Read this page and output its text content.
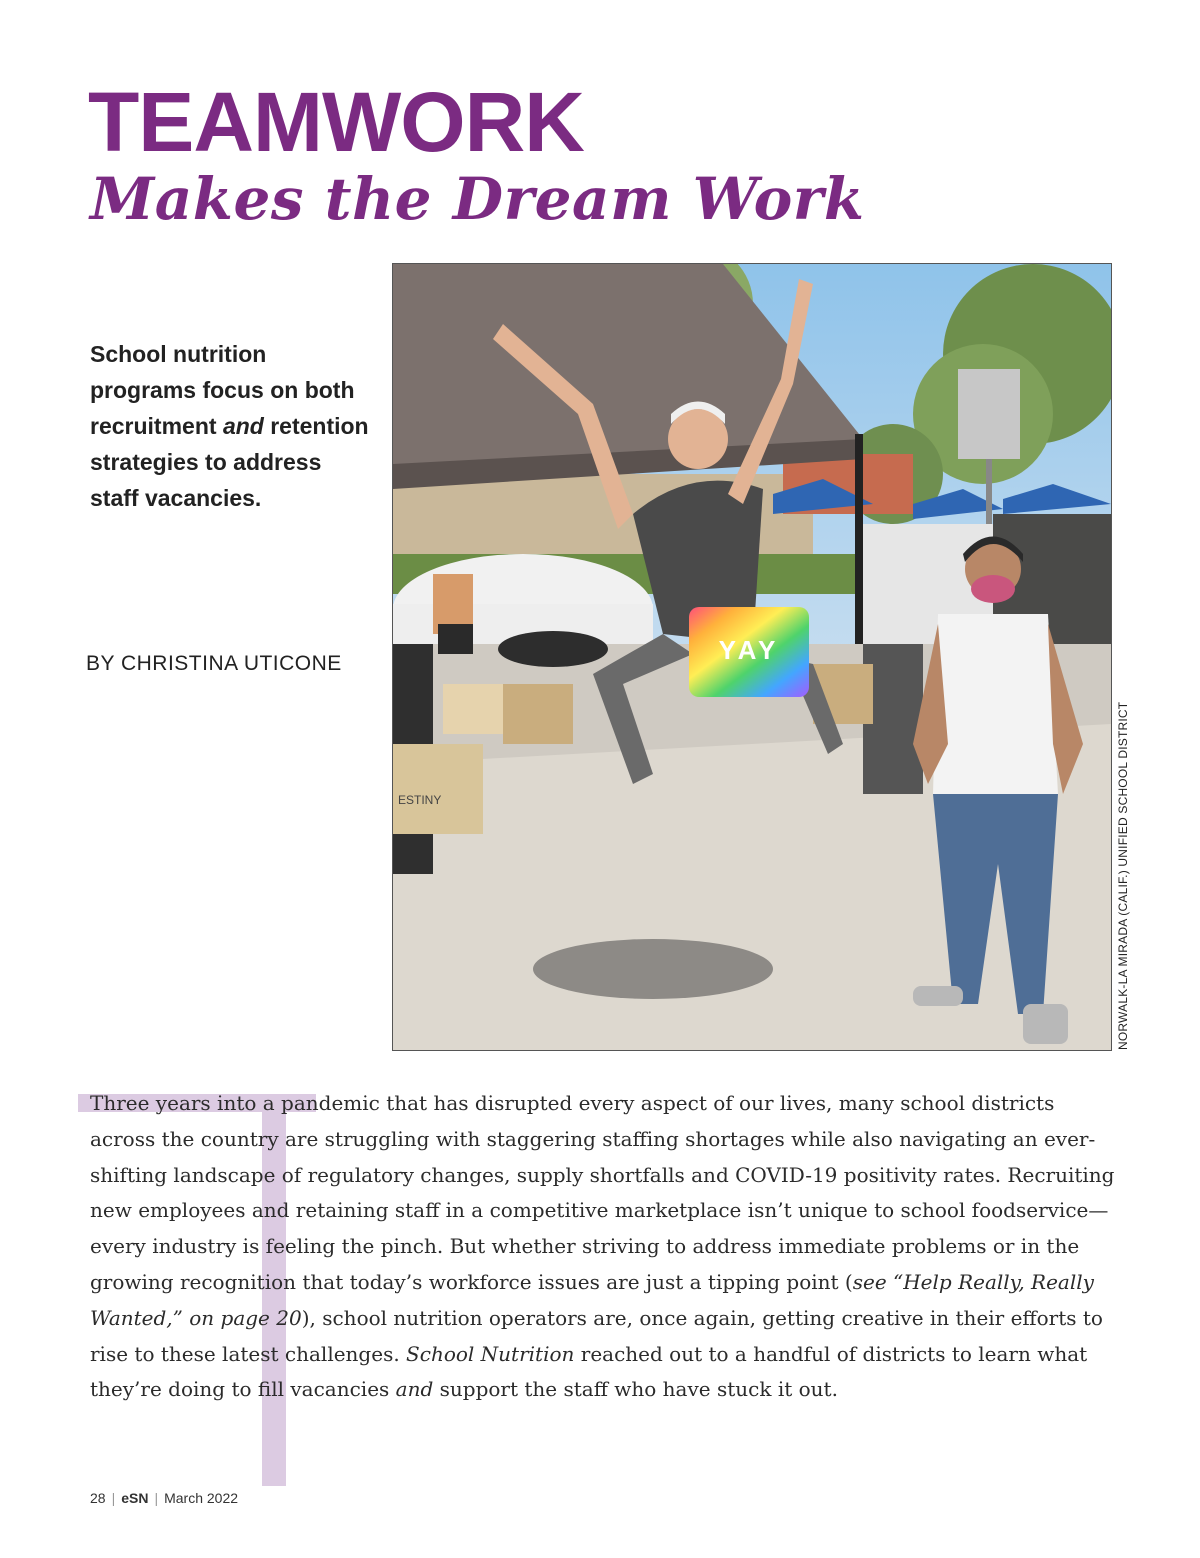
TEAMWORK
Makes the Dream Work
School nutrition programs focus on both recruitment and retention strategies to address staff vacancies.
BY CHRISTINA UTICONE
ESTINY
YAY
NORWALK-LA MIRADA (CALIF.) UNIFIED SCHOOL DISTRICT

Three years into a pandemic that has disrupted every aspect of our lives, many school districts across the country are struggling with staggering staffing shortages while also navigating an ever-shifting landscape of regulatory changes, supply shortfalls and COVID-19 positivity rates. Recruiting new employees and retaining staff in a competitive marketplace isn’t unique to school foodservice—every industry is feeling the pinch. But whether striving to address immediate problems or in the growing recognition that today’s workforce issues are just a tipping point (see “Help Really, Really Wanted,” on page 20), school nutrition operators are, once again, getting creative in their efforts to rise to these latest challenges. School Nutrition reached out to a handful of districts to learn what they’re doing to fill vacancies and support the staff who have stuck it out.

28 | eSN | March 2022
